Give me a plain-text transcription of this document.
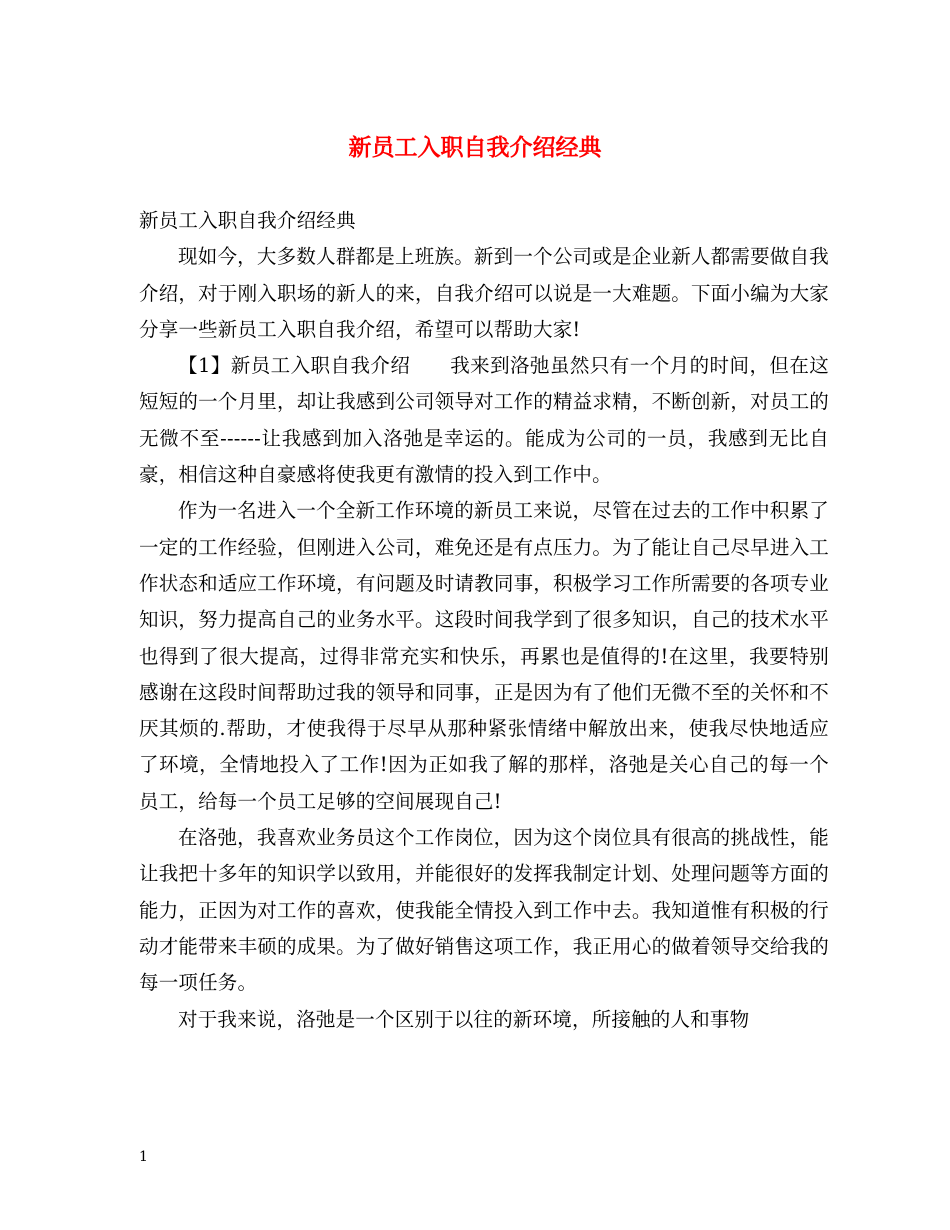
新员工入职自我介绍经典

新员工入职自我介绍经典

现如今，大多数人群都是上班族。新到一个公司或是企业新人都需要做自我介绍，对于刚入职场的新人的来，自我介绍可以说是一大难题。下面小编为大家分享一些新员工入职自我介绍，希望可以帮助大家!

【1】新员工入职自我介绍　　我来到洛弛虽然只有一个月的时间，但在这短短的一个月里，却让我感到公司领导对工作的精益求精，不断创新，对员工的无微不至------让我感到加入洛弛是幸运的。能成为公司的一员，我感到无比自豪，相信这种自豪感将使我更有激情的投入到工作中。

作为一名进入一个全新工作环境的新员工来说，尽管在过去的工作中积累了一定的工作经验，但刚进入公司，难免还是有点压力。为了能让自己尽早进入工作状态和适应工作环境，有问题及时请教同事，积极学习工作所需要的各项专业知识，努力提高自己的业务水平。这段时间我学到了很多知识，自己的技术水平也得到了很大提高，过得非常充实和快乐，再累也是值得的!在这里，我要特别感谢在这段时间帮助过我的领导和同事，正是因为有了他们无微不至的关怀和不厌其烦的.帮助，才使我得于尽早从那种紧张情绪中解放出来，使我尽快地适应了环境，全情地投入了工作!因为正如我了解的那样，洛弛是关心自己的每一个员工，给每一个员工足够的空间展现自己!

在洛弛，我喜欢业务员这个工作岗位，因为这个岗位具有很高的挑战性，能让我把十多年的知识学以致用，并能很好的发挥我制定计划、处理问题等方面的能力，正因为对工作的喜欢，使我能全情投入到工作中去。我知道惟有积极的行动才能带来丰硕的成果。为了做好销售这项工作，我正用心的做着领导交给我的每一项任务。

对于我来说，洛弛是一个区别于以往的新环境，所接触的人和事物

1
